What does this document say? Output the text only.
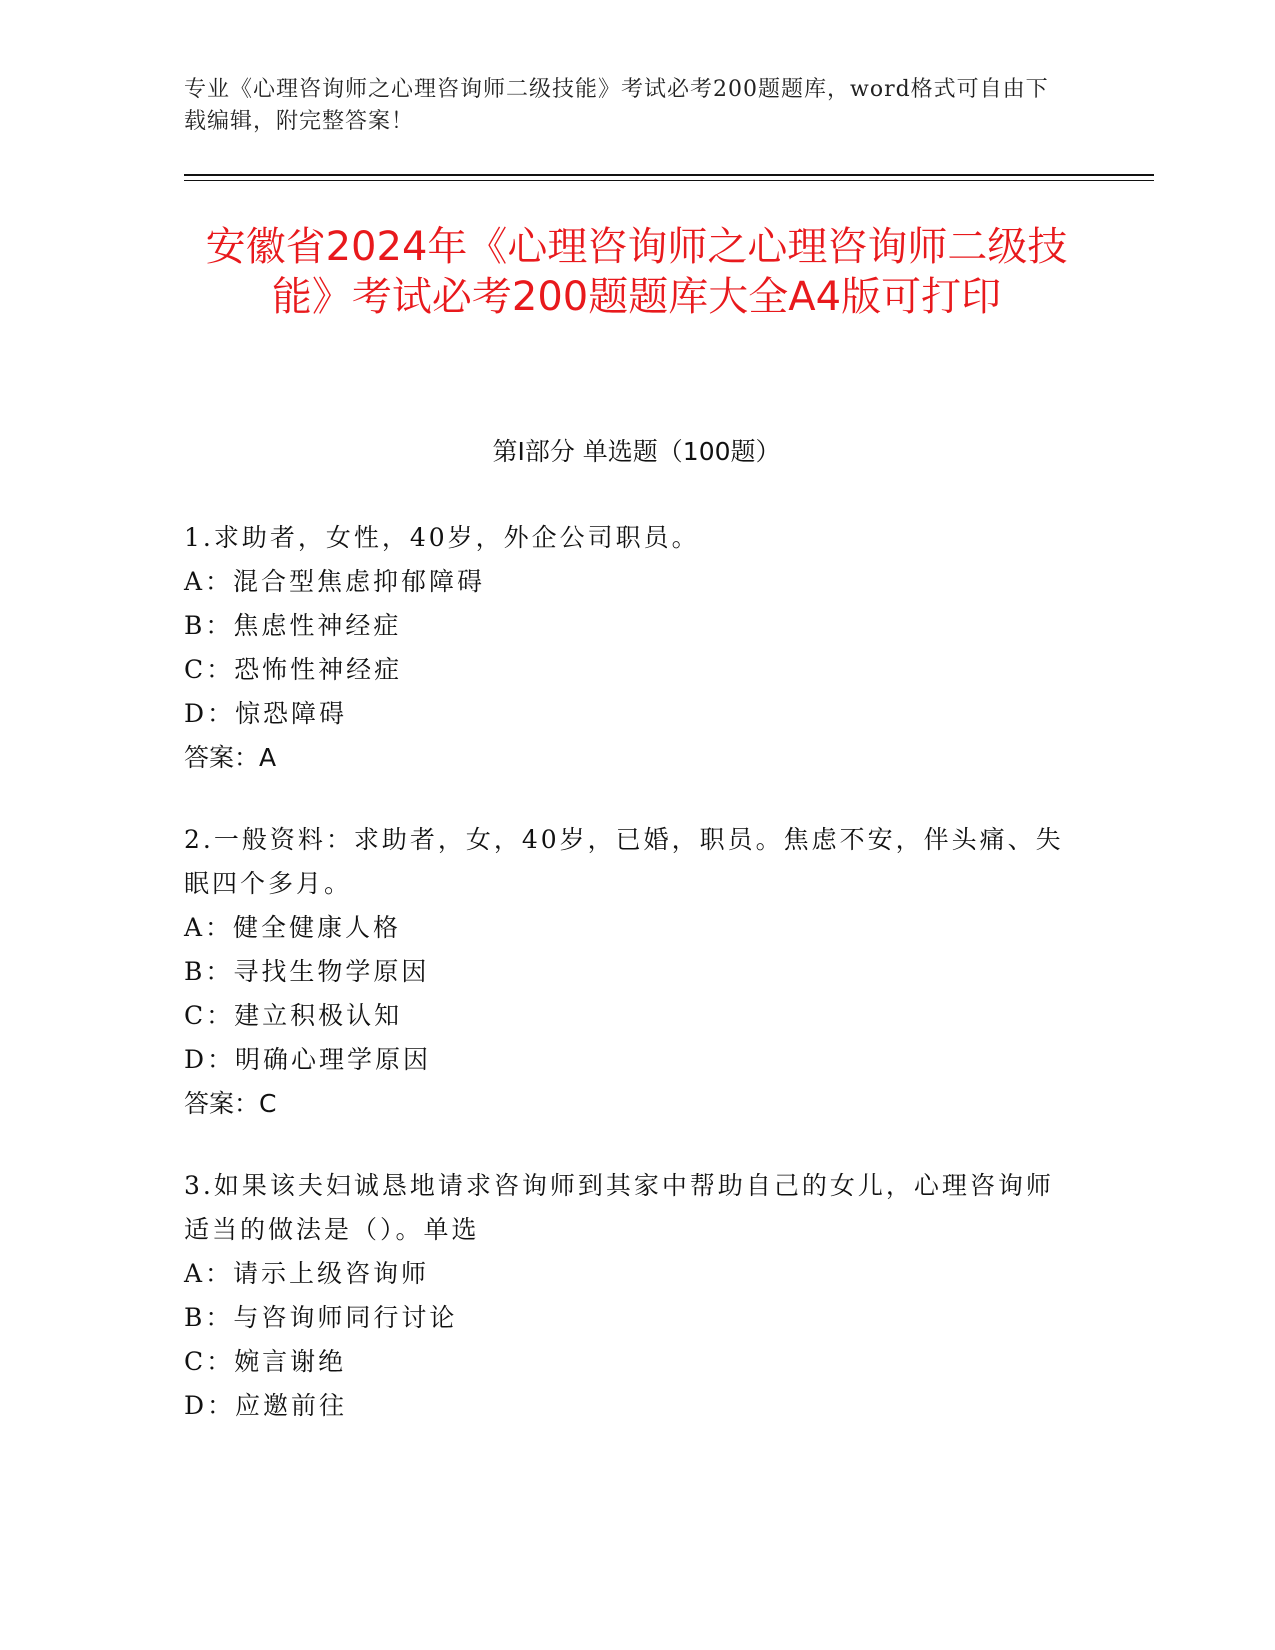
专业《心理咨询师之心理咨询师二级技能》考试必考200题题库，word格式可自由下载编辑，附完整答案！
安徽省2024年《心理咨询师之心理咨询师二级技能》考试必考200题题库大全A4版可打印
第Ⅰ部分 单选题（100题）
1.求助者，女性，40岁，外企公司职员。
A：混合型焦虑抑郁障碍
B：焦虑性神经症
C：恐怖性神经症
D：惊恐障碍
答案：A
2.一般资料：求助者，女，40岁，已婚，职员。焦虑不安，伴头痛、失眠四个多月。
A：健全健康人格
B：寻找生物学原因
C：建立积极认知
D：明确心理学原因
答案：C
3.如果该夫妇诚恳地请求咨询师到其家中帮助自己的女儿，心理咨询师适当的做法是（）。单选
A：请示上级咨询师
B：与咨询师同行讨论
C：婉言谢绝
D：应邀前往
